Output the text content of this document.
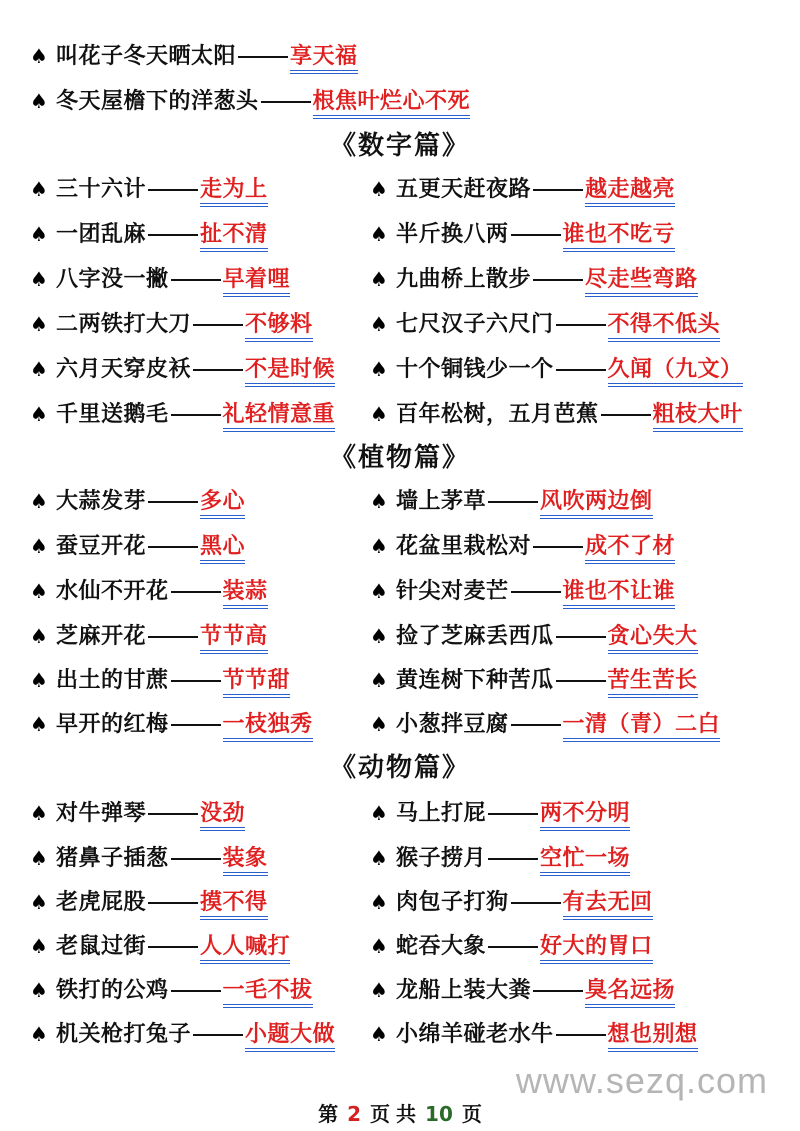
♠ 叫花子冬天晒太阳 享天福
♠ 冬天屋檐下的洋葱头 根焦叶烂心不死
《数字篇》
♠ 三十六计 走为上	♠ 五更天赶夜路 越走越亮
♠ 一团乱麻 扯不清	♠ 半斤换八两 谁也不吃亏
♠ 八字没一撇 早着哩	♠ 九曲桥上散步 尽走些弯路
♠ 二两铁打大刀 不够料	♠ 七尺汉子六尺门 不得不低头
♠ 六月天穿皮袄 不是时候	♠ 十个铜钱少一个 久闻（九文）
♠ 千里送鹅毛 礼轻情意重	♠ 百年松树，五月芭蕉 粗枝大叶
《植物篇》
♠ 大蒜发芽 多心	♠ 墙上茅草 风吹两边倒
♠ 蚕豆开花 黑心	♠ 花盆里栽松对 成不了材
♠ 水仙不开花 装蒜	♠ 针尖对麦芒 谁也不让谁
♠ 芝麻开花 节节高	♠ 捡了芝麻丢西瓜 贪心失大
♠ 出土的甘蔗 节节甜	♠ 黄连树下种苦瓜 苦生苦长
♠ 早开的红梅 一枝独秀	♠ 小葱拌豆腐 一清（青）二白
《动物篇》
♠ 对牛弹琴 没劲	♠ 马上打屁 两不分明
♠ 猪鼻子插葱 装象	♠ 猴子捞月 空忙一场
♠ 老虎屁股 摸不得	♠ 肉包子打狗 有去无回
♠ 老鼠过街 人人喊打	♠ 蛇吞大象 好大的胃口
♠ 铁打的公鸡 一毛不拔	♠ 龙船上装大粪 臭名远扬
♠ 机关枪打兔子 小题大做	♠ 小绵羊碰老水牛 想也别想
www.sezq.com
第 2 页 共 10 页
